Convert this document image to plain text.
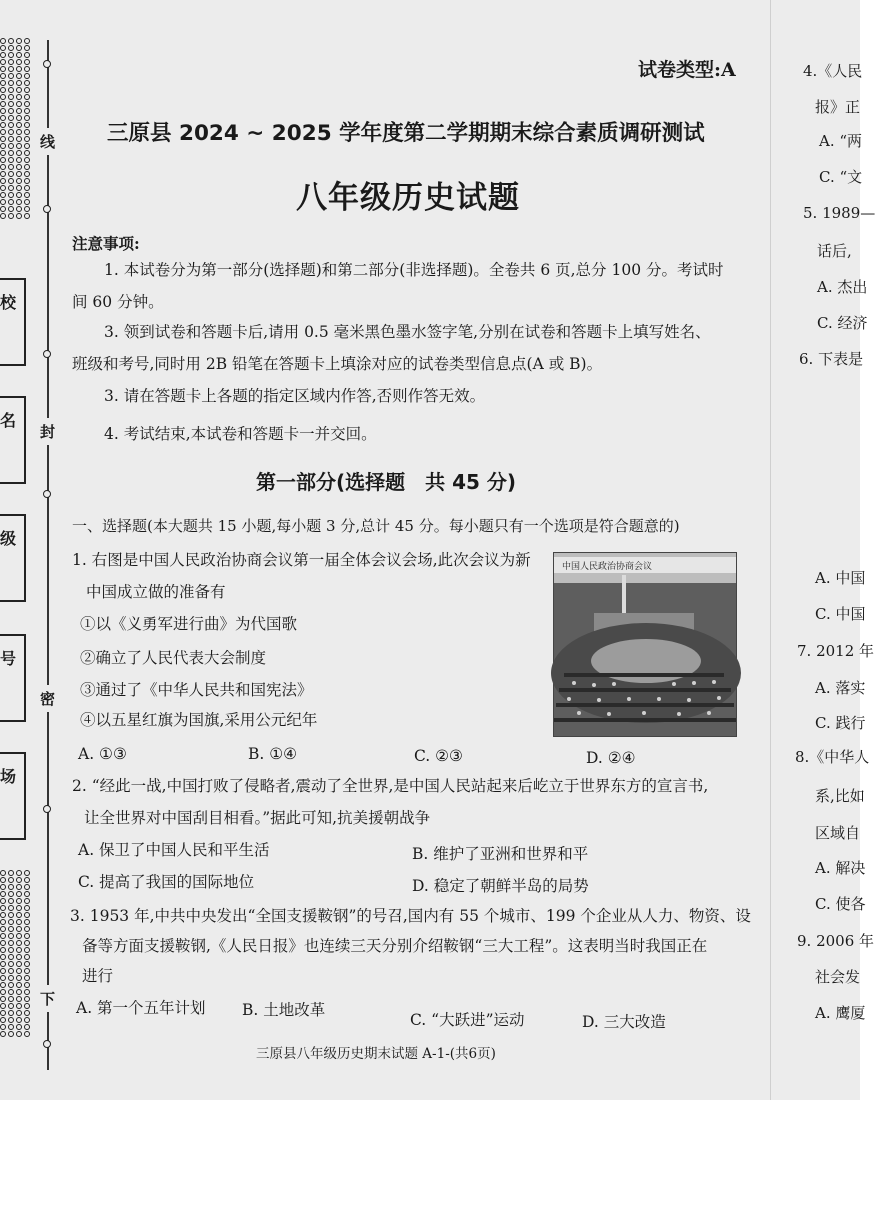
线
封
密
下
校
名
级
号
场
试卷类型:A
三原县 2024 ~ 2025 学年度第二学期期末综合素质调研测试
八年级历史试题
注意事项:
1. 本试卷分为第一部分(选择题)和第二部分(非选择题)。全卷共 6 页,总分 100 分。考试时
间 60 分钟。
3. 领到试卷和答题卡后,请用 0.5 毫米黑色墨水签字笔,分别在试卷和答题卡上填写姓名、
班级和考号,同时用 2B 铅笔在答题卡上填涂对应的试卷类型信息点(A 或 B)。
3. 请在答题卡上各题的指定区域内作答,否则作答无效。
4. 考试结束,本试卷和答题卡一并交回。
第一部分(选择题　共 45 分)
一、选择题(本大题共 15 小题,每小题 3 分,总计 45 分。每小题只有一个选项是符合题意的)
1. 右图是中国人民政治协商会议第一届全体会议会场,此次会议为新
中国成立做的准备有
①以《义勇军进行曲》为代国歌
②确立了人民代表大会制度
③通过了《中华人民共和国宪法》
④以五星红旗为国旗,采用公元纪年
A. ①③	B. ①④	C. ②③	D. ②④
2. “经此一战,中国打败了侵略者,震动了全世界,是中国人民站起来后屹立于世界东方的宣言书,
让全世界对中国刮目相看。”据此可知,抗美援朝战争
A. 保卫了中国人民和平生活	B. 维护了亚洲和世界和平
C. 提高了我国的国际地位	D. 稳定了朝鲜半岛的局势
3. 1953 年,中共中央发出“全国支援鞍钢”的号召,国内有 55 个城市、199 个企业从人力、物资、设
备等方面支援鞍钢,《人民日报》也连续三天分别介绍鞍钢“三大工程”。这表明当时我国正在
进行
A. 第一个五年计划 B. 土地改革
C. “大跃进”运动	D. 三大改造
三原县八年级历史期末试题 A-1-(共6页)
中国人民政治协商会议
4.《人民
报》正
A. “两
C. “文
5. 1989—
话后,
A. 杰出
C. 经济
6. 下表是
A. 中国
C. 中国
7. 2012 年
A. 落实
C. 践行
8.《中华人
系,比如
区域自
A. 解决
C. 使各
9. 2006 年
社会发
A. 鹰厦
